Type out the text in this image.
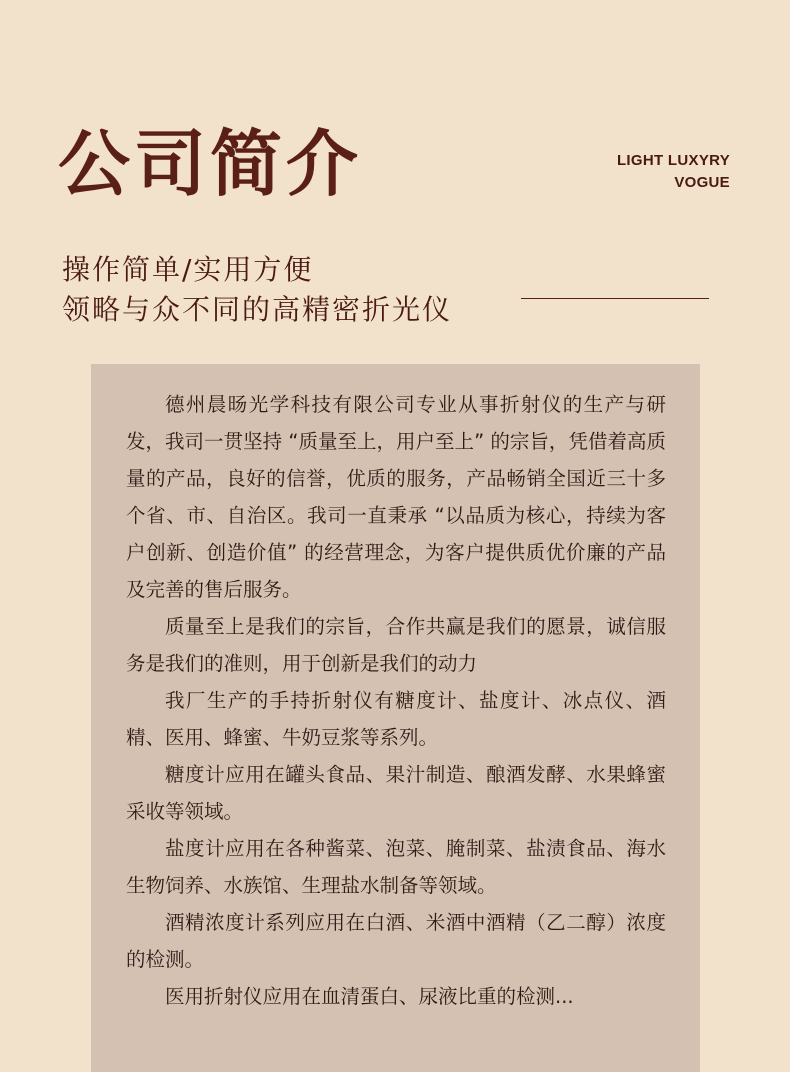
公司简介	LIGHT LUXYRY
VOGUE
操作简单/实用方便
领略与众不同的高精密折光仪

德州晨旸光学科技有限公司专业从事折射仪的生产与研发，我司一贯坚持 “质量至上，用户至上” 的宗旨，凭借着高质量的产品，良好的信誉，优质的服务，产品畅销全国近三十多个省、市、自治区。我司一直秉承 “以品质为核心，持续为客户创新、创造价值” 的经营理念，为客户提供质优价廉的产品及完善的售后服务。

质量至上是我们的宗旨，合作共赢是我们的愿景，诚信服务是我们的准则，用于创新是我们的动力

我厂生产的手持折射仪有糖度计、盐度计、冰点仪、酒精、医用、蜂蜜、牛奶豆浆等系列。

糖度计应用在罐头食品、果汁制造、酿酒发酵、水果蜂蜜采收等领域。

盐度计应用在各种酱菜、泡菜、腌制菜、盐渍食品、海水生物饲养、水族馆、生理盐水制备等领域。

酒精浓度计系列应用在白酒、米酒中酒精（乙二醇）浓度的检测。

医用折射仪应用在血清蛋白、尿液比重的检测...
